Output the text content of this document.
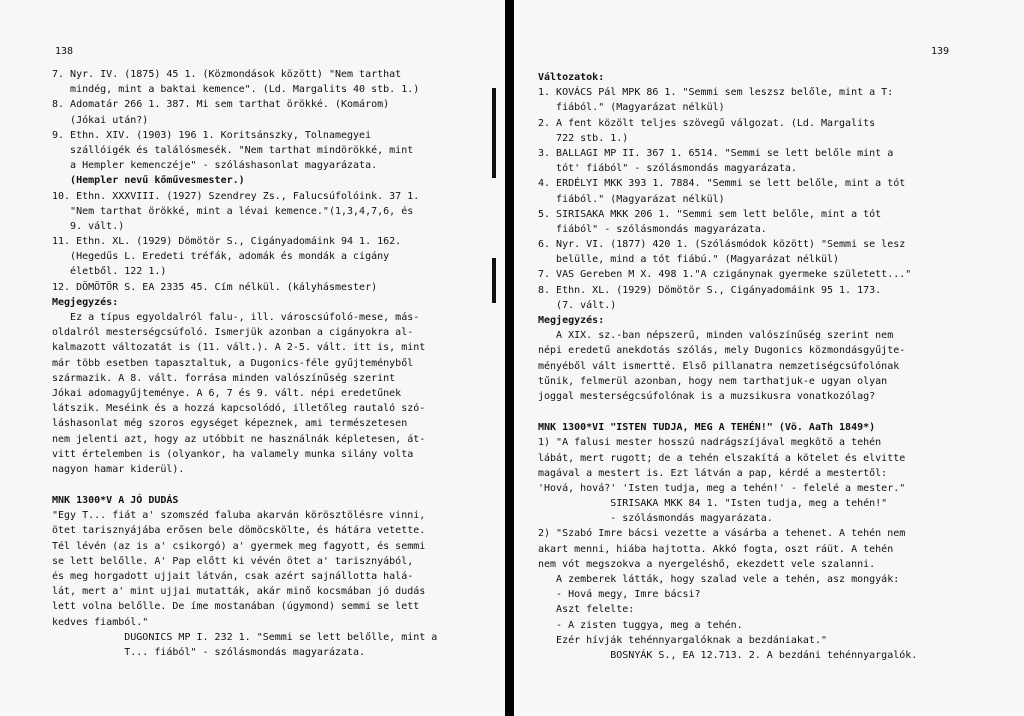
138
7. Nyr. IV. (1875) 45 1. (Közmondások között) "Nem tarthat
mindég, mint a baktai kemence". (Ld. Margalits 40 stb. 1.)
8. Adomatár 266 1. 387. Mi sem tarthat örökké. (Komárom)
(Jókai után?)
9. Ethn. XIV. (1903) 196 1. Koritsánszky, Tolnamegyei
szállóigék és találósmesék. "Nem tarthat mindörökké, mint
a Hempler kemenczéje" - szóláshasonlat magyarázata.
(Hempler nevű kőművesmester.)
10. Ethn. XXXVIII. (1927) Szendrey Zs., Falucsúfolóink. 37 1.
"Nem tarthat örökké, mint a lévai kemence."(1,3,4,7,6, és
9. vált.)
11. Ethn. XL. (1929) Dömötör S., Cigányadomáink 94 1. 162.
(Hegedűs L. Eredeti tréfák, adomák és mondák a cigány
életből. 122 1.)
12. DÖMÖTÖR S. EA 2335 45. Cím nélkül. (kályhásmester)
Megjegyzés:
Ez a típus egyoldalról falu-, ill. városcsúfoló-mese, más-
oldalról mesterségcsúfoló. Ismerjük azonban a cigányokra al-
kalmazott változatát is (11. vált.). A 2-5. vált. itt is, mint
már több esetben tapasztaltuk, a Dugonics-féle gyűjteményből
származik. A 8. vált. forrása minden valószínűség szerint
Jókai adomagyűjteménye. A 6, 7 és 9. vált. népi eredetűnek
látszik. Meséink és a hozzá kapcsolódó, illetőleg rautaló szó-
láshasonlat még szoros egységet képeznek, ami természetesen
nem jelenti azt, hogy az utóbbit ne használnák képletesen, át-
vitt értelemben is (olyankor, ha valamely munka silány volta
nagyon hamar kiderül).
MNK 1300*V A JÓ DUDÁS
"Egy T... fiát a' szomszéd faluba akarván körösztölésre vinni,
ötet tarisznyájába erősen bele dömöcskölte, és hátára vetette.
Tél lévén (az is a' csikorgó) a' gyermek meg fagyott, és semmi
se lett belőlle. A' Pap előtt ki vévén ötet a' tarisznyából,
és meg horgadott ujjait látván, csak azért sajnállotta halá-
lát, mert a' mint ujjai mutatták, akár minő kocsmában jó dudás
lett volna belőlle. De íme mostanában (úgymond) semmi se lett
kedves fiamból."
DUGONICS MP I. 232 1. "Semmi se lett belőlle, mint a
T... fiából" - szólásmondás magyarázata.
139
Változatok:
1. KOVÁCS Pál MPK 86 1. "Semmi sem leszsz belőle, mint a T:
fiából." (Magyarázat nélkül)
2. A fent közölt teljes szövegű válgozat. (Ld. Margalits
722 stb. 1.)
3. BALLAGI MP II. 367 1. 6514. "Semmi se lett belőle mint a
tót' fiából" - szólásmondás magyarázata.
4. ERDÉLYI MKK 393 1. 7884. "Semmi se lett belőle, mint a tót
fiából." (Magyarázat nélkül)
5. SIRISAKA MKK 206 1. "Semmi sem lett belőle, mint a tót
fiából" - szólásmondás magyarázata.
6. Nyr. VI. (1877) 420 1. (Szólásmódok között) "Semmi se lesz
belülle, mind a tót fiábú." (Magyarázat nélkül)
7. VAS Gereben M X. 498 1."A czigánynak gyermeke született..."
8. Ethn. XL. (1929) Dömötör S., Cigányadomáink 95 1. 173.
(7. vált.)
Megjegyzés:
A XIX. sz.-ban népszerű, minden valószínűség szerint nem
népi eredetű anekdotás szólás, mely Dugonics közmondásgyűjte-
ményéből vált ismertté. Első pillanatra nemzetiségcsúfolónak
tűnik, felmerül azonban, hogy nem tarthatjuk-e ugyan olyan
joggal mesterségcsúfolónak is a muzsikusra vonatkozólag?
MNK 1300*VI "ISTEN TUDJA, MEG A TEHÉN!" (Vö. AaTh 1849*)
1) "A falusi mester hosszú nadrágszíjával megkötö a tehén
lábát, mert rugott; de a tehén elszakítá a kötelet és elvitte
magával a mestert is. Ezt látván a pap, kérdé a mestertől:
'Hová, hová?' 'Isten tudja, meg a tehén!' - felelé a mester."
SIRISAKA MKK 84 1. "Isten tudja, meg a tehén!"
- szólásmondás magyarázata.
2) "Szabó Imre bácsi vezette a vásárba a tehenet. A tehén nem
akart menni, hiába hajtotta. Akkó fogta, oszt ráüt. A tehén
nem vót megszokva a nyergeléshő, ekezdett vele szalanni.
A zemberek látták, hogy szalad vele a tehén, asz mongyák:
- Hová megy, Imre bácsi?
Aszt felelte:
- A zisten tuggya, meg a tehén.
Ezér hívják tehénnyargalóknak a bezdánіakat."
BOSNYÁK S., EA 12.713. 2. A bezdáni tehénnyargalók.
